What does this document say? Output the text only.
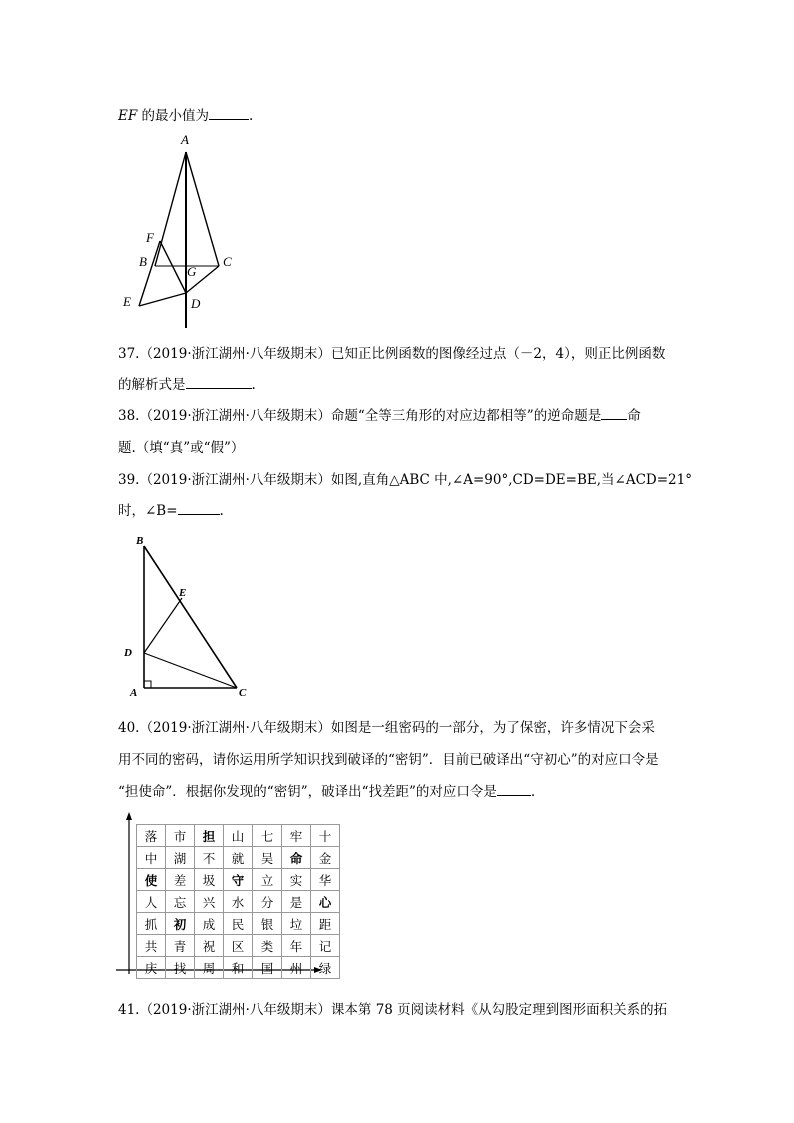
EF 的最小值为	.
A
F
B
G
C
E	D
37.（2019·浙江湖州·八年级期末）已知正比例函数的图像经过点（－2，4），则正比例函数
的解析式是	.
38.（2019·浙江湖州·八年级期末）命题“全等三角形的对应边都相等”的逆命题是 命
题.（填“真”或“假”）
39.（2019·浙江湖州·八年级期末）如图,直角△ABC 中,∠A=90°,CD=DE=BE,当∠ACD=21°
时，∠B=	.
B
E
D
A	C
40.（2019·浙江湖州·八年级期末）如图是一组密码的一部分，为了保密，许多情况下会采
用不同的密码，请你运用所学知识找到破译的“密钥”．目前已破译出“守初心”的对应口令是
“担使命”．根据你发现的“密钥”，破译出“找差距”的对应口令是	.
落	市	担	山	七	牢	十
中	湖	不	就	吴	命	金
使	差	圾	守	立	实	华
人	忘	兴	水	分	是	心
抓	初	成	民	银	垃	距
共	青	祝	区	类	年	记
庆	找	周	和	国	州	绿
41.（2019·浙江湖州·八年级期末）课本第 78 页阅读材料《从勾股定理到图形面积关系的拓
